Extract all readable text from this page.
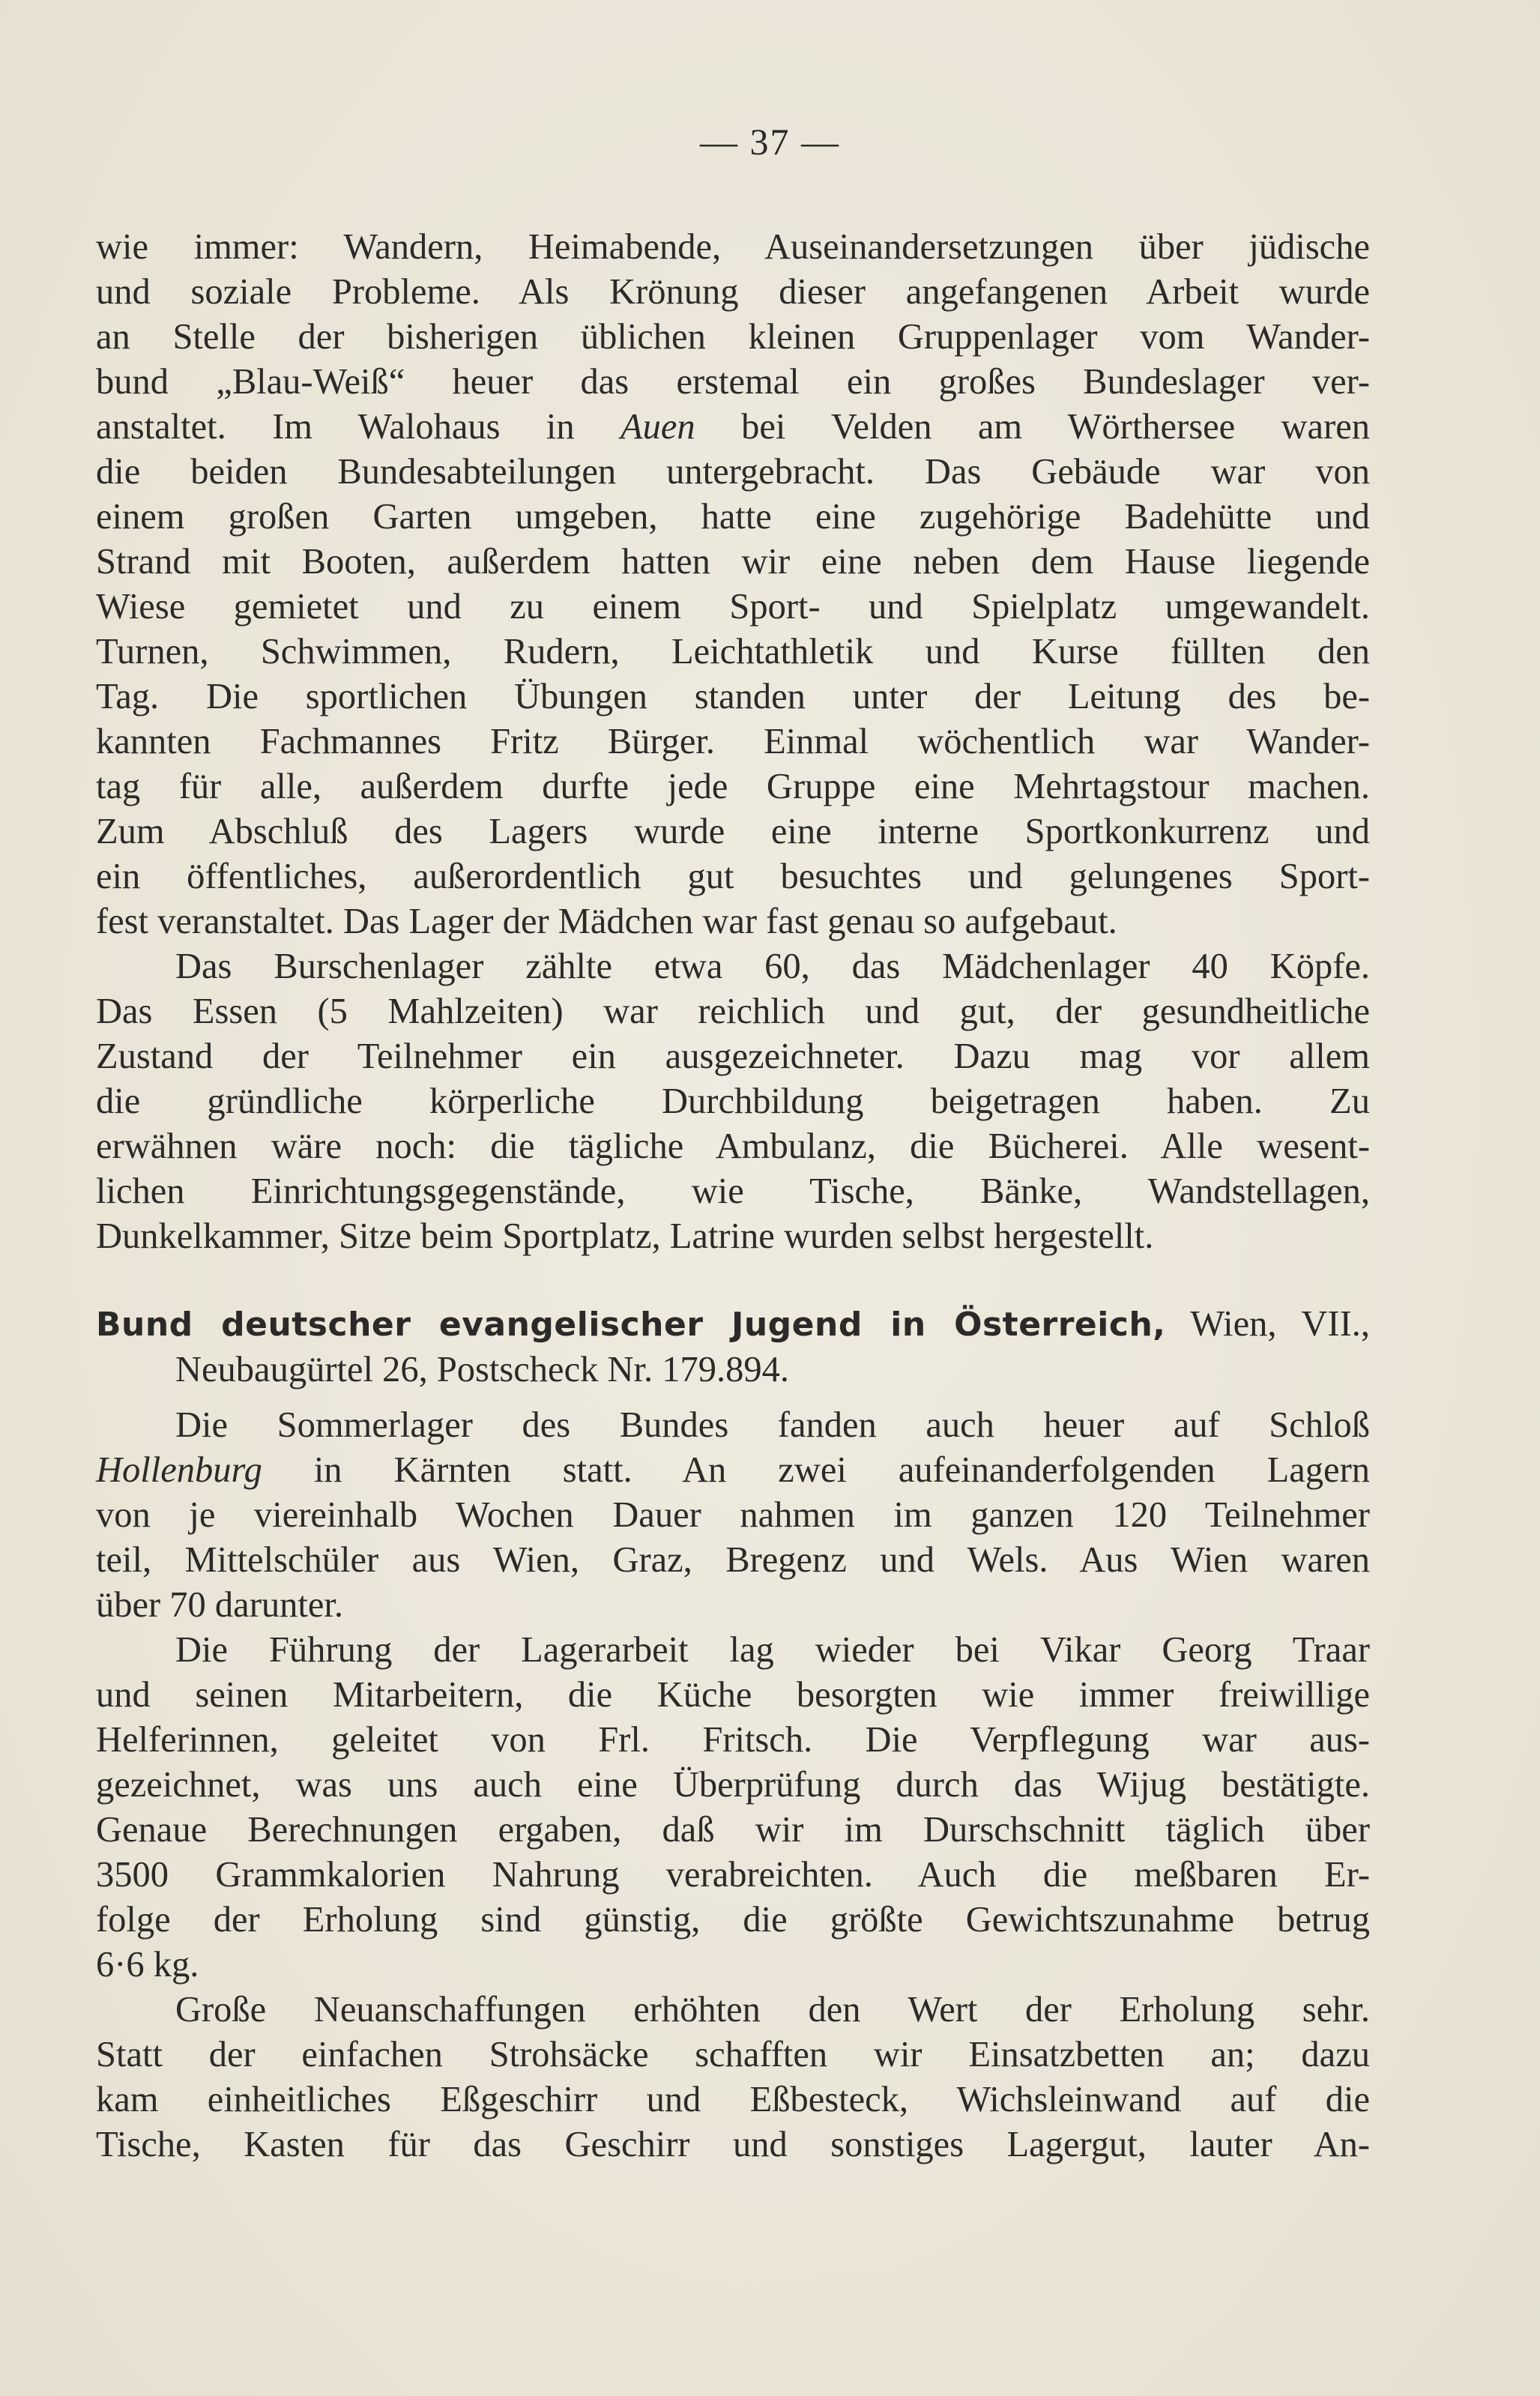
— 37 —
wie immer: Wandern, Heimabende, Auseinandersetzungen über jüdische
und soziale Probleme. Als Krönung dieser angefangenen Arbeit wurde
an Stelle der bisherigen üblichen kleinen Gruppenlager vom Wander-
bund „Blau-Weiß“ heuer das erstemal ein großes Bundeslager ver-
anstaltet. Im Walohaus in Auen bei Velden am Wörthersee waren
die beiden Bundesabteilungen untergebracht. Das Gebäude war von
einem großen Garten umgeben, hatte eine zugehörige Badehütte und
Strand mit Booten, außerdem hatten wir eine neben dem Hause liegende
Wiese gemietet und zu einem Sport- und Spielplatz umgewandelt.
Turnen, Schwimmen, Rudern, Leichtathletik und Kurse füllten den
Tag. Die sportlichen Übungen standen unter der Leitung des be-
kannten Fachmannes Fritz Bürger. Einmal wöchentlich war Wander-
tag für alle, außerdem durfte jede Gruppe eine Mehrtagstour machen.
Zum Abschluß des Lagers wurde eine interne Sportkonkurrenz und
ein öffentliches, außerordentlich gut besuchtes und gelungenes Sport-
fest veranstaltet. Das Lager der Mädchen war fast genau so aufgebaut.
Das Burschenlager zählte etwa 60, das Mädchenlager 40 Köpfe.
Das Essen (5 Mahlzeiten) war reichlich und gut, der gesundheitliche
Zustand der Teilnehmer ein ausgezeichneter. Dazu mag vor allem
die gründliche körperliche Durchbildung beigetragen haben. Zu
erwähnen wäre noch: die tägliche Ambulanz, die Bücherei. Alle wesent-
lichen Einrichtungsgegenstände, wie Tische, Bänke, Wandstellagen,
Dunkelkammer, Sitze beim Sportplatz, Latrine wurden selbst hergestellt.
Bund deutscher evangelischer Jugend in Österreich, Wien, VII.,
Neubaugürtel 26, Postscheck Nr. 179.894.
Die Sommerlager des Bundes fanden auch heuer auf Schloß
Hollenburg in Kärnten statt. An zwei aufeinanderfolgenden Lagern
von je viereinhalb Wochen Dauer nahmen im ganzen 120 Teilnehmer
teil, Mittelschüler aus Wien, Graz, Bregenz und Wels. Aus Wien waren
über 70 darunter.
Die Führung der Lagerarbeit lag wieder bei Vikar Georg Traar
und seinen Mitarbeitern, die Küche besorgten wie immer freiwillige
Helferinnen, geleitet von Frl. Fritsch. Die Verpflegung war aus-
gezeichnet, was uns auch eine Überprüfung durch das Wijug bestätigte.
Genaue Berechnungen ergaben, daß wir im Durschschnitt täglich über
3500 Grammkalorien Nahrung verabreichten. Auch die meßbaren Er-
folge der Erholung sind günstig, die größte Gewichtszunahme betrug
6·6 kg.
Große Neuanschaffungen erhöhten den Wert der Erholung sehr.
Statt der einfachen Strohsäcke schafften wir Einsatzbetten an; dazu
kam einheitliches Eßgeschirr und Eßbesteck, Wichsleinwand auf die
Tische, Kasten für das Geschirr und sonstiges Lagergut, lauter An-
